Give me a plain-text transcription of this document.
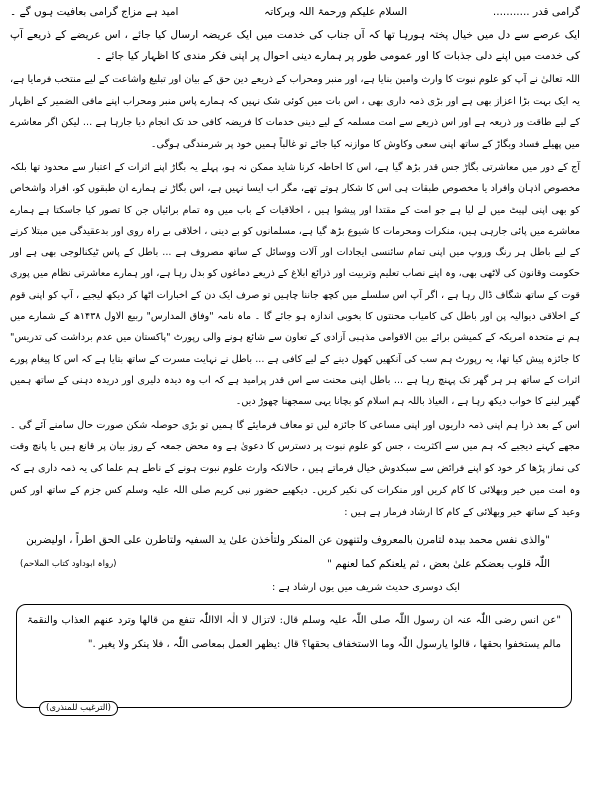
گرامی قدر ...........
السلام علیکم ورحمۃ اللہ وبرکاتہ
امید ہے مزاج گرامی بعافیت ہوں گے ۔

ایک عرصے سے دل میں خیال پختہ ہورہا تھا کہ آں جناب کی خدمت میں ایک عریضہ ارسال کیا جائے ، اس عریضے کے ذریعے آپ کی خدمت میں اپنے دلی جذبات کا اور عمومی طور پر ہمارے دینی احوال پر اپنی فکر مندی کا اظہار کیا جائے ۔

اللہ تعالیٰ نے آپ کو علوم نبوت کا وارث وامین بنایا ہے، اور منبر ومحراب کے ذریعے دین حق کے بیان اور تبلیغ واشاعت کے لیے منتخب فرمایا ہے، یہ ایک بہت بڑا اعزاز بھی ہے اور بڑی ذمہ داری بھی ، اس بات میں کوئی شک نہیں کہ ہمارے پاس منبر ومحراب اپنے مافی الضمیر کے اظہار کے لیے طاقت ور ذریعہ ہے اور اس ذریعے سے امت مسلمہ کے لیے دینی خدمات کا فریضہ کافی حد تک انجام دیا جارہا ہے ... لیکن اگر معاشرے میں پھیلے فساد وبگاڑ کے ساتھ اپنی سعی وکاوش کا موازنہ کیا جائے تو غالباً ہمیں خود پر شرمندگی ہوگی۔

آج کے دور میں معاشرتی بگاڑ جس قدر بڑھ گیا ہے، اس کا احاطہ کرنا شاید ممکن نہ ہو، پہلے یہ بگاڑ اپنے اثرات کے اعتبار سے محدود تھا بلکہ مخصوص اذہان وافراد یا مخصوص طبقات ہی اس کا شکار ہوتے تھے، مگر اب ایسا نہیں ہے، اس بگاڑ نے ہمارے ان طبقوں کو، افراد واشخاص کو بھی اپنی لپیٹ میں لے لیا ہے جو امت کے مقتدا اور پیشوا ہیں ، اخلاقیات کے باب میں وہ تمام برائیاں جن کا تصور کیا جاسکتا ہے ہمارے معاشرے میں پائی جارہی ہیں، منکرات ومحرمات کا شیوع بڑھ گیا ہے، مسلمانوں کو بے دینی ، اخلاقی بے راہ روی اور بدعقیدگی میں مبتلا کرنے کے لیے باطل ہر رنگ وروپ میں اپنی تمام سائنسی ایجادات اور آلات ووسائل کے ساتھ مصروف ہے ... باطل کے پاس ٹیکنالوجی بھی ہے اور حکومت وقانون کی لاٹھی بھی، وہ اپنے نصاب تعلیم وتربیت اور ذرائع ابلاغ کے ذریعے دماغوں کو بدل رہا ہے، اور ہمارے معاشرتی نظام میں پوری قوت کے ساتھ شگاف ڈال رہا ہے ، اگر آپ اس سلسلے میں کچھ جاننا چاہیں تو صرف ایک دن کے اخبارات اٹھا کر دیکھ لیجیے ، آپ کو اپنی قوم کے اخلاقی دیوالیہ پن اور باطل کی کامیاب محنتوں کا بخوبی اندازہ ہو جائے گا ۔ ماہ نامہ "وفاق المدارس" ربیع الاول ۱۴۳۸ھ کے شمارے میں ہم نے متحدہ امریکہ کے کمیشن برائے بین الاقوامی مذہبی آزادی کے تعاون سے شائع ہونے والی رپورٹ "پاکستان میں عدم برداشت کی تدریس" کا جائزہ پیش کیا تھا، یہ رپورٹ ہم سب کی آنکھیں کھول دینے کے لیے کافی ہے ... باطل نے نہایت مسرت کے ساتھ بتایا ہے کہ اس کا پیغام پورے اثرات کے ساتھ ہر ہر گھر تک پہنچ رہا ہے ... باطل اپنی محنت سے اس قدر پرامید ہے کہ اب وہ دیدہ دلیری اور دریدہ دہنی کے ساتھ ہمیں گھیر لینے کا خواب دیکھ رہا ہے ، العیاذ باللہ ہم اسلام کو بچانا یہی سمجھنا چھوڑ دیں۔

اس کے بعد ذرا ہم اپنی ذمہ داریوں اور اپنی مساعی کا جائزہ لیں تو معاف فرمایئے گا ہمیں تو بڑی حوصلہ شکن صورت حال سامنے آئے گی ۔ مجھے کہنے دیجیے کہ ہم میں سے اکثریت ، جس کو علوم نبوت پر دسترس کا دعویٰ ہے وہ محض جمعہ کے روز بیان پر قانع ہیں یا پانچ وقت کی نماز پڑھا کر خود کو اپنے فرائض سے سبکدوش خیال فرماتے ہیں ، حالانکہ وارث علوم نبوت ہونے کے ناطے ہم علما کی یہ ذمہ داری ہے کہ وہ امت میں خیر وبھلائی کا کام کریں اور منکرات کی نکیر کریں۔ دیکھیے حضور نبی کریم صلی اللہ علیہ وسلم کس جزم کے ساتھ اور کس وعید کے ساتھ خیر وبھلائی کے کام کا ارشاد فرمار ہے ہیں :

"والذی نفس محمد بیدہ لتامرن بالمعروف ولتنھون عن المنکر ولتأخذن علیٰ ید السفیہ ولتاطرن علی الحق اطراً ، اولیضربن اللّٰہ قلوب بعضکم علیٰ بعض ، ثم یلعنکم کما لعنھم "
(رواہ ابوداود کتاب الملاحم)
ایک دوسری حدیث شریف میں یوں ارشاد ہے :
"عن انس رضی اللّٰہ عنہ ان رسول اللّٰہ صلی اللّٰہ علیہ وسلم قال: لاتزال لا الٰہ الااللّٰہ تنفع من قالھا وترد عنھم العذاب والنقمۃ مالم یستخفوا بحقھا ، قالوا یارسول اللّٰہ وما الاستخفاف بحقھا؟ قال :یظھر العمل بمعاصی اللّٰہ ، فلا ینکر ولا یغیر ."
(الترغیب للمنذری)
